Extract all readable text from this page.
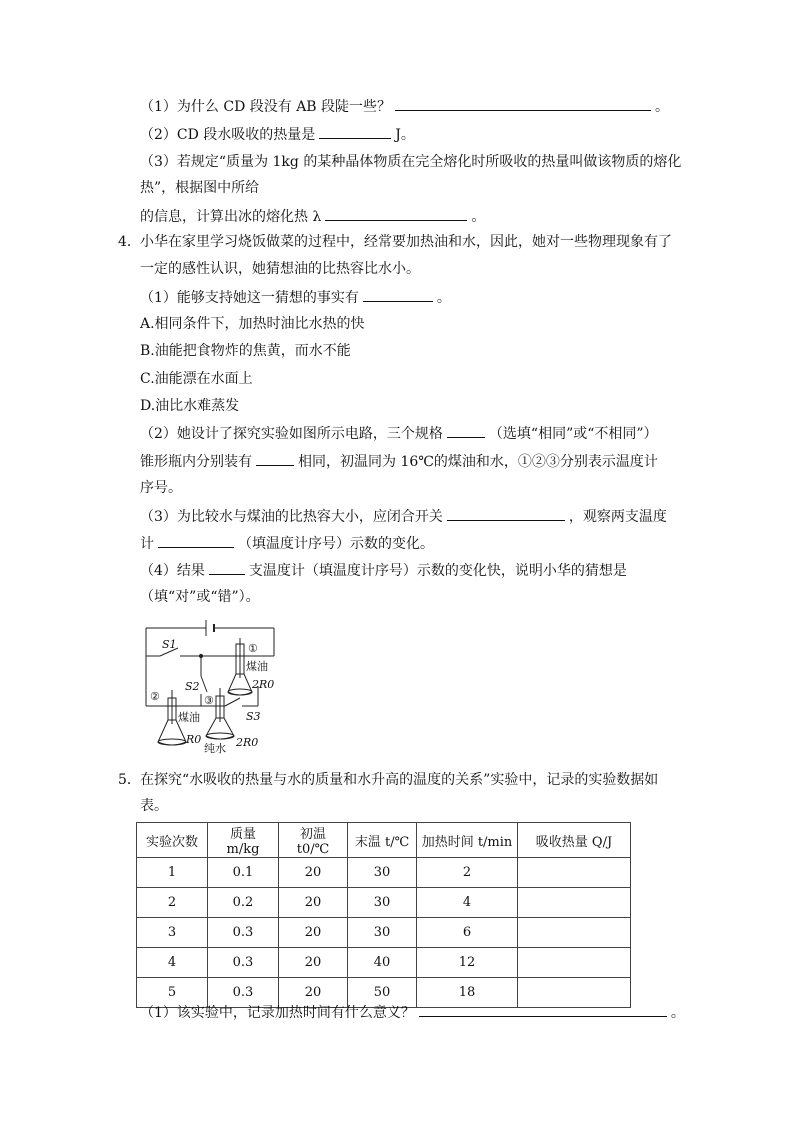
（1）为什么 CD 段没有 AB 段陡一些？	。
（2）CD 段水吸收的热量是	J。
（3）若规定“质量为 1kg 的某种晶体物质在完全熔化时所吸收的热量叫做该物质的熔化
热”，根据图中所给
的信息，计算出冰的熔化热 λ	。
4． 小华在家里学习烧饭做菜的过程中，经常要加热油和水，因此，她对一些物理现象有了
一定的感性认识，她猜想油的比热容比水小。
（1）能够支持她这一猜想的事实有	。
A.相同条件下，加热时油比水热的快
B.油能把食物炸的焦黄，而水不能
C.油能漂在水面上
D.油比水难蒸发
（2）她设计了探究实验如图所示电路，三个规格	（选填“相同”或“不相同”）
锥形瓶内分别装有	相同，初温同为 16℃的煤油和水，①②③分别表示温度计
序号。
（3）为比较水与煤油的比热容大小，应闭合开关	，观察两支温度
计	（填温度计序号）示数的变化。
（4）结果	支温度计（填温度计序号）示数的变化快，说明小华的猜想是
（填“对”或“错”）。
S1
S2
S3
①
②	③
煤油
2R0
煤油
R0
纯水 2R0
5． 在探究“水吸收的热量与水的质量和水升高的温度的关系”实验中，记录的实验数据如
表。
实验次数	质量 m/kg	初温 t0/℃	末温 t/℃	加热时间 t/min	吸收热量 Q/J
1	0.1	20	30	2	
2	0.2	20	30	4	
3	0.3	20	30	6	
4	0.3	20	40	12	
5	0.3	20	50	18	
（1）该实验中，记录加热时间有什么意义？	。
